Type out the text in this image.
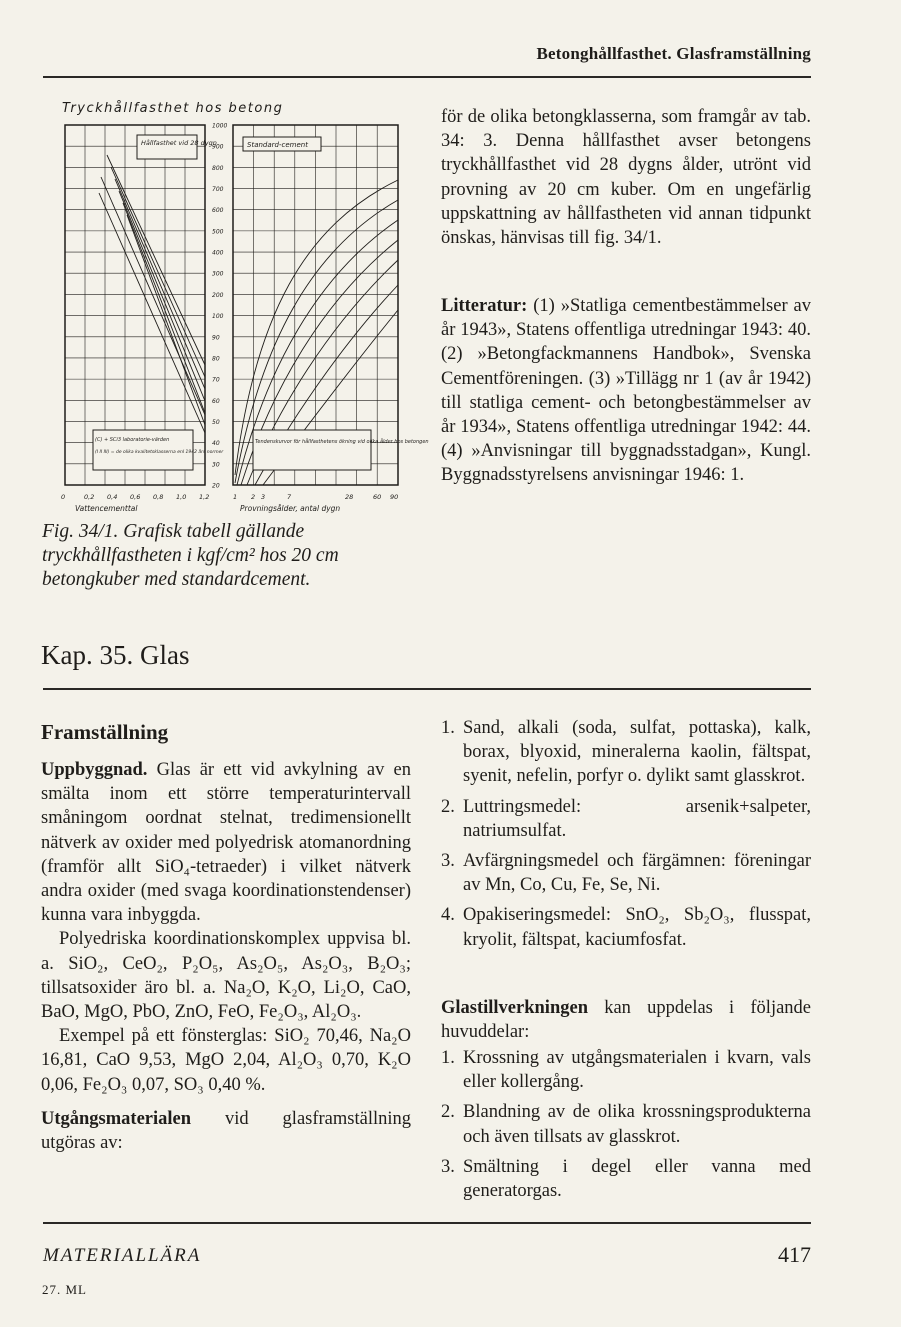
Betonghållfasthet. Glasframställning
Tryckhållfasthet hos betong
1000
900
800
700
600
500
400
300
200
100
90
80
70
60
50
40
30
20
Hållfasthet vid 28 dygn	Standard-cement
(C) + SCi3 laboratorie-värden
(I II III) = de olika kvalitetsklasserna enl 1942 års normer
Tendenskurvor för hållfasthetens ökning vid olika ålder hos betongen
0	0,2 0,4 0,6 0,8 1,0 1,2	1 2 3	7	28	60 90
Vattencementtal	Provningsålder, antal dygn
Fig. 34/1. Grafisk tabell gällande tryckhållfastheten i kgf/cm² hos 20 cm betongkuber med standardcement.
för de olika betongklasserna, som framgår av tab. 34: 3. Denna hållfasthet avser betongens tryckhållfasthet vid 28 dygns ålder, utrönt vid provning av 20 cm kuber. Om en ungefärlig uppskattning av hållfastheten vid annan tidpunkt önskas, hänvisas till fig. 34/1.
Litteratur: (1) »Statliga cementbestämmelser av år 1943», Statens offentliga utredningar 1943: 40. (2) »Betongfackmannens Handbok», Svenska Cementföreningen. (3) »Tillägg nr 1 (av år 1942) till statliga cement- och betongbestämmelser av år 1934», Statens offentliga utredningar 1942: 44. (4) »Anvisningar till byggnadsstadgan», Kungl. Byggnadsstyrelsens anvisningar 1946: 1.
Kap. 35. Glas
Framställning

Uppbyggnad. Glas är ett vid avkylning av en smälta inom ett större temperaturintervall småningom oordnat stelnat, tredimensionellt nätverk av oxider med polyedrisk atomanordning (framför allt SiO₄-tetraeder) i vilket nätverk andra oxider (med svaga koordinationstendenser) kunna vara inbyggda.

Polyedriska koordinationskomplex uppvisa bl. a. SiO₂, CeO₂, P₂O₅, As₂O₅, As₂O₃, B₂O₃; tillsatsoxider äro bl. a. Na₂O, K₂O, Li₂O, CaO, BaO, MgO, PbO, ZnO, FeO, Fe₂O₃, Al₂O₃.

Exempel på ett fönsterglas: SiO₂ 70,46, Na₂O 16,81, CaO 9,53, MgO 2,04, Al₂O₃ 0,70, K₂O 0,06, Fe₂O₃ 0,07, SO₃ 0,40 %.

Utgångsmaterialen vid glasframställning utgöras av:

1. Sand, alkali (soda, sulfat, pottaska), kalk, borax, blyoxid, mineralerna kaolin, fältspat, syenit, nefelin, porfyr o. dylikt samt glasskrot.
2. Luttringsmedel: arsenik+salpeter, natriumsulfat.
3. Avfärgningsmedel och färgämnen: föreningar av Mn, Co, Cu, Fe, Se, Ni.
4. Opakiseringsmedel: SnO₂, Sb₂O₃, flusspat, kryolit, fältspat, kaciumfosfat.
Glastillverkningen kan uppdelas i följande huvuddelar:
1. Krossning av utgångsmaterialen i kvarn, vals eller kollergång.
2. Blandning av de olika krossningsprodukterna och även tillsats av glasskrot.
3. Smältning i degel eller vanna med generatorgas.
MATERIALLÄRA	417
27. ML
